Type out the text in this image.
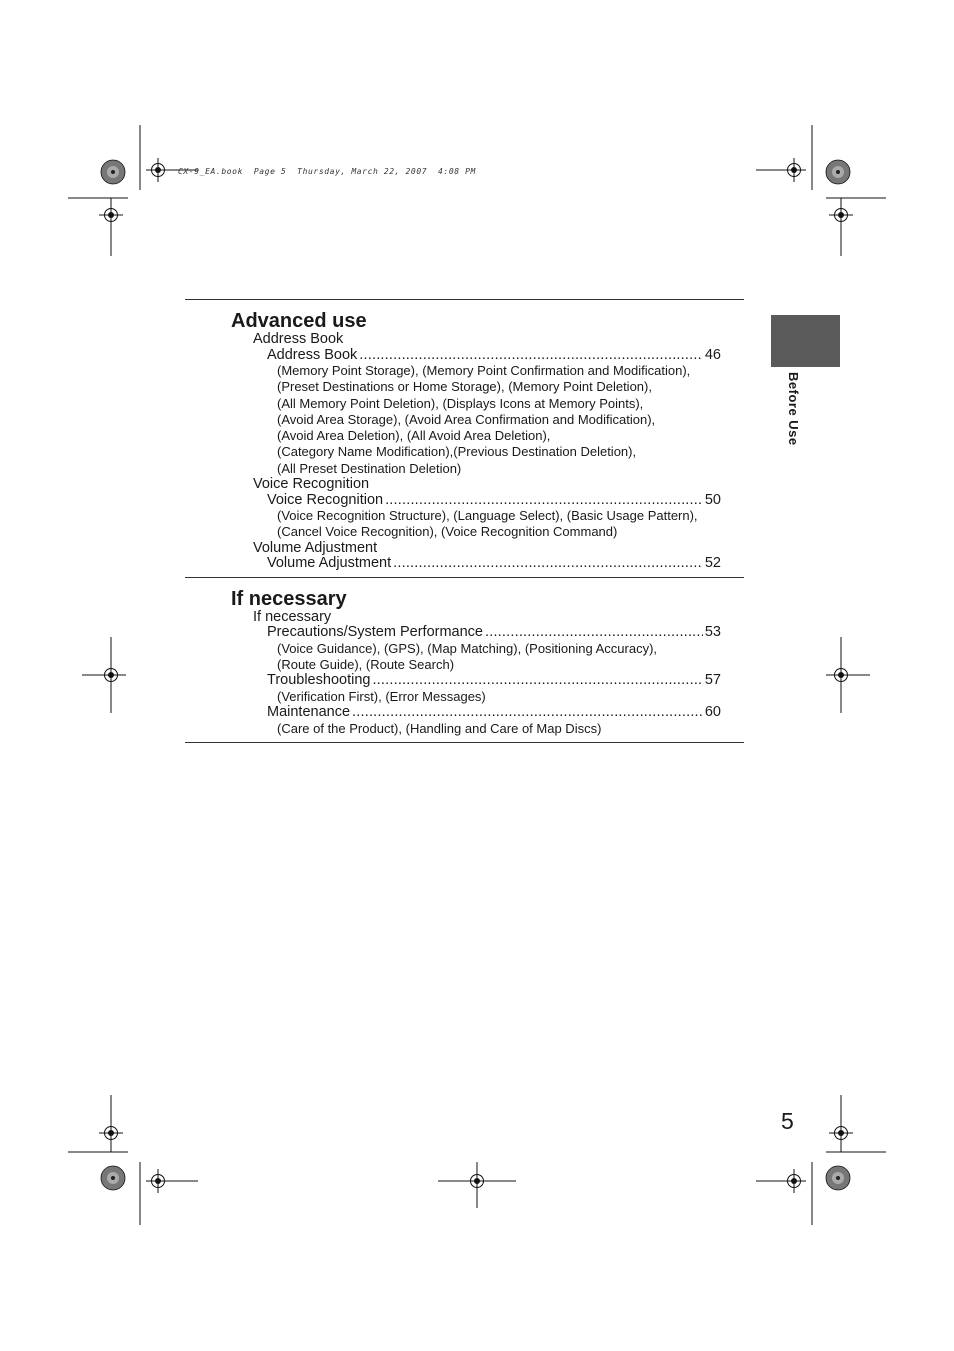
CX-9_EA.book  Page 5  Thursday, March 22, 2007  4:08 PM
Before Use
Advanced use
Address Book
Address Book .....	46
(Memory Point Storage), (Memory Point Confirmation and Modification),
(Preset Destinations or Home Storage), (Memory Point Deletion),
(All Memory Point Deletion), (Displays Icons at Memory Points),
(Avoid Area Storage), (Avoid Area Confirmation and Modification),
(Avoid Area Deletion), (All Avoid Area Deletion),
(Category Name Modification),(Previous Destination Deletion),
(All Preset Destination Deletion)
Voice Recognition
Voice Recognition .....	50
(Voice Recognition Structure), (Language Select), (Basic Usage Pattern),
(Cancel Voice Recognition), (Voice Recognition Command)
Volume Adjustment
Volume Adjustment .....	52
If necessary
If necessary
Precautions/System Performance .....	53
(Voice Guidance), (GPS), (Map Matching), (Positioning Accuracy),
(Route Guide), (Route Search)
Troubleshooting .....	57
(Verification First), (Error Messages)
Maintenance .....	60
(Care of the Product), (Handling and Care of Map Discs)
5
